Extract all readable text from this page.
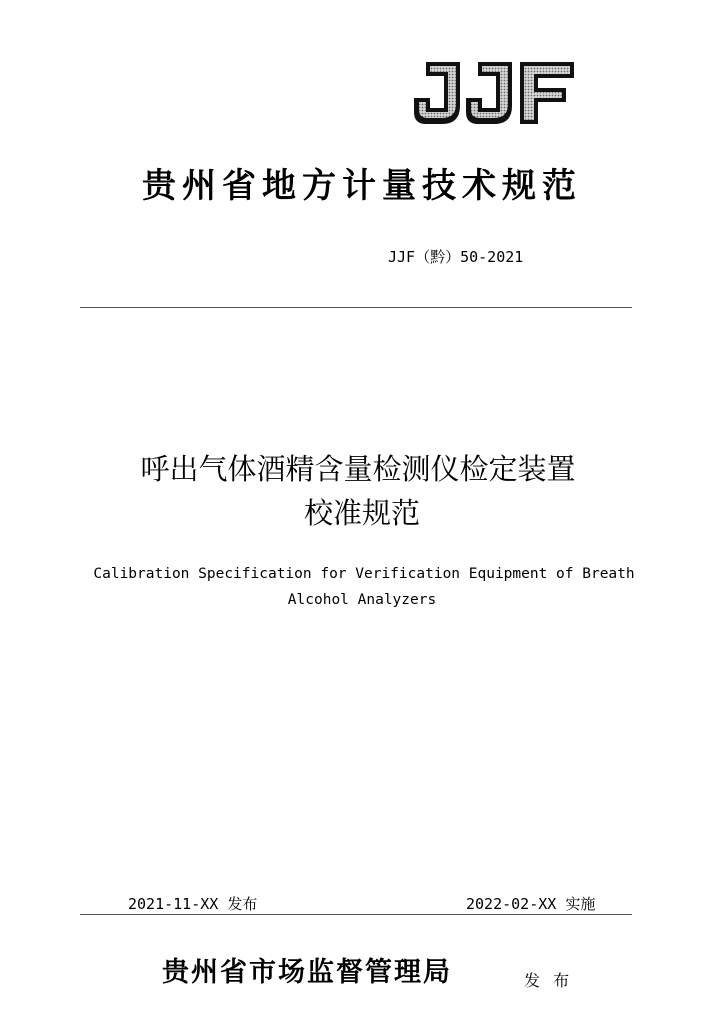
贵州省地方计量技术规范
JJF（黔）50-2021
呼出气体酒精含量检测仪检定装置
校准规范
Calibration Specification for Verification Equipment of Breath
Alcohol Analyzers
2021-11-XX 发布	2022-02-XX 实施
贵州省市场监督管理局	发 布
